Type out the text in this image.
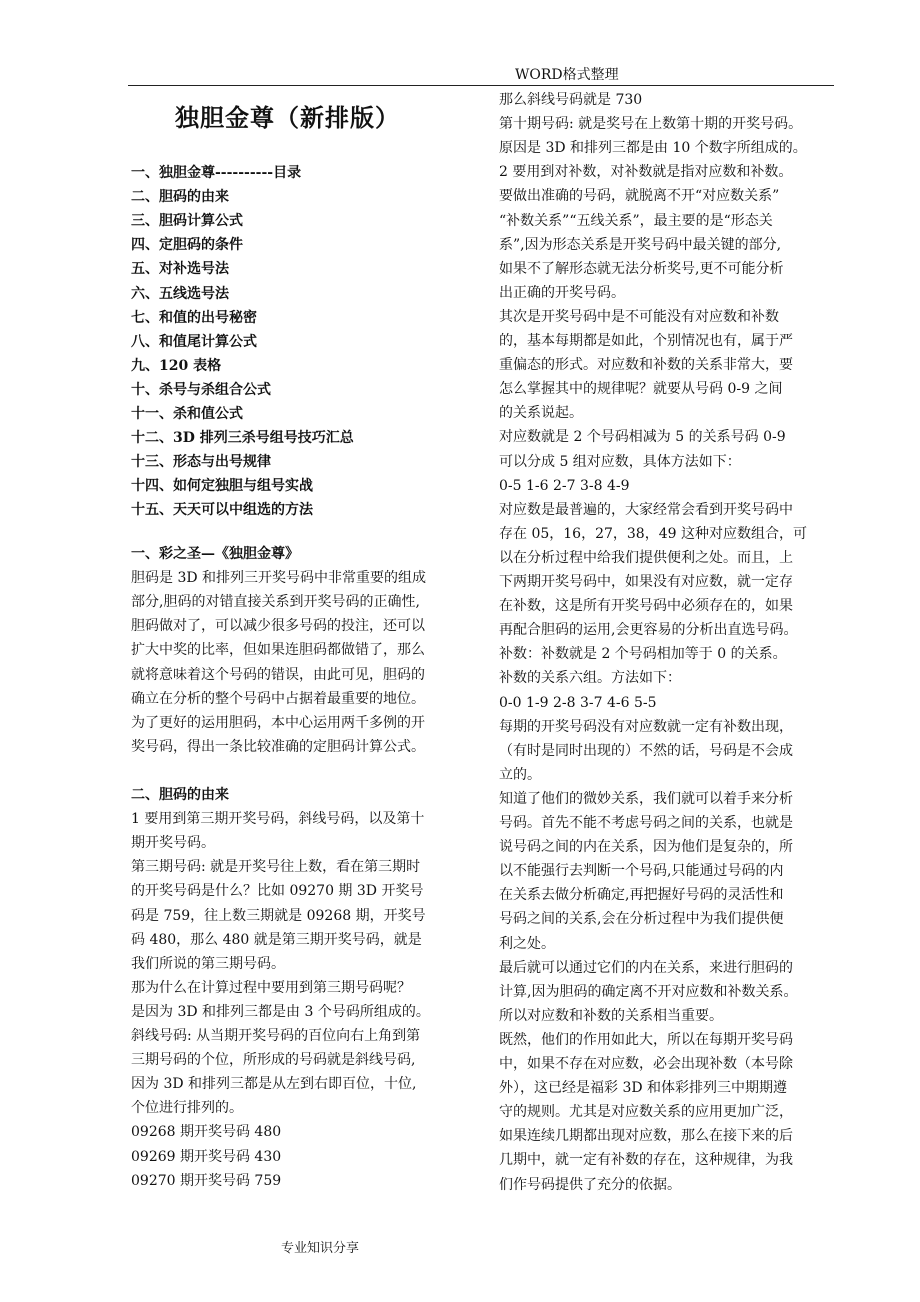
WORD格式整理
独胆金尊（新排版）
一、独胆金尊----------目录
二、胆码的由来
三、胆码计算公式
四、定胆码的条件
五、对补选号法
六、五线选号法
七、和值的出号秘密
八、和值尾计算公式
九、120 表格
十、杀号与杀组合公式
十一、杀和值公式
十二、3D 排列三杀号组号技巧汇总
十三、形态与出号规律
十四、如何定独胆与组号实战
十五、天天可以中组选的方法
一、彩之圣—《独胆金尊》
胆码是 3D 和排列三开奖号码中非常重要的组成
部分,胆码的对错直接关系到开奖号码的正确性,
胆码做对了，可以减少很多号码的投注，还可以
扩大中奖的比率，但如果连胆码都做错了，那么
就将意味着这个号码的错误，由此可见，胆码的
确立在分析的整个号码中占据着最重要的地位。
为了更好的运用胆码，本中心运用两千多例的开
奖号码，得出一条比较准确的定胆码计算公式。
二、胆码的由来
1 要用到第三期开奖号码，斜线号码，以及第十
期开奖号码。
第三期号码: 就是开奖号往上数，看在第三期时
的开奖号码是什么？比如 09270 期 3D 开奖号
码是 759，往上数三期就是 09268 期，开奖号
码 480，那么 480 就是第三期开奖号码，就是
我们所说的第三期号码。
那为什么在计算过程中要用到第三期号码呢？
是因为 3D 和排列三都是由 3 个号码所组成的。
斜线号码: 从当期开奖号码的百位向右上角到第
三期号码的个位，所形成的号码就是斜线号码,
因为 3D 和排列三都是从左到右即百位，十位,
个位进行排列的。
09268 期开奖号码 480
09269 期开奖号码 430
09270 期开奖号码 759
那么斜线号码就是 730
第十期号码: 就是奖号在上数第十期的开奖号码。
原因是 3D 和排列三都是由 10 个数字所组成的。
2 要用到对补数，对补数就是指对应数和补数。
要做出准确的号码，就脱离不开“对应数关系”
“补数关系”“五线关系”，最主要的是“形态关
系”,因为形态关系是开奖号码中最关键的部分,
如果不了解形态就无法分析奖号,更不可能分析
出正确的开奖号码。
其次是开奖号码中是不可能没有对应数和补数
的，基本每期都是如此，个别情况也有，属于严
重偏态的形式。对应数和补数的关系非常大，要
怎么掌握其中的规律呢？就要从号码 0-9 之间
的关系说起。
对应数就是 2 个号码相减为 5 的关系号码 0-9
可以分成 5 组对应数，具体方法如下：
0-5 1-6 2-7 3-8 4-9
对应数是最普遍的，大家经常会看到开奖号码中
存在 05，16，27，38，49 这种对应数组合，可
以在分析过程中给我们提供便利之处。而且，上
下两期开奖号码中，如果没有对应数，就一定存
在补数，这是所有开奖号码中必须存在的，如果
再配合胆码的运用,会更容易的分析出直选号码。
补数：补数就是 2 个号码相加等于 0 的关系。
补数的关系六组。方法如下：
0-0 1-9 2-8 3-7 4-6 5-5
每期的开奖号码没有对应数就一定有补数出现，
（有时是同时出现的）不然的话，号码是不会成
立的。
知道了他们的微妙关系，我们就可以着手来分析
号码。首先不能不考虑号码之间的关系，也就是
说号码之间的内在关系，因为他们是复杂的，所
以不能强行去判断一个号码,只能通过号码的内
在关系去做分析确定,再把握好号码的灵活性和
号码之间的关系,会在分析过程中为我们提供便
利之处。
最后就可以通过它们的内在关系，来进行胆码的
计算,因为胆码的确定离不开对应数和补数关系。
所以对应数和补数的关系相当重要。
既然，他们的作用如此大，所以在每期开奖号码
中，如果不存在对应数，必会出现补数（本号除
外），这已经是福彩 3D 和体彩排列三中期期遵
守的规则。尤其是对应数关系的应用更加广泛，
如果连续几期都出现对应数，那么在接下来的后
几期中，就一定有补数的存在，这种规律，为我
们作号码提供了充分的依据。
专业知识分享
